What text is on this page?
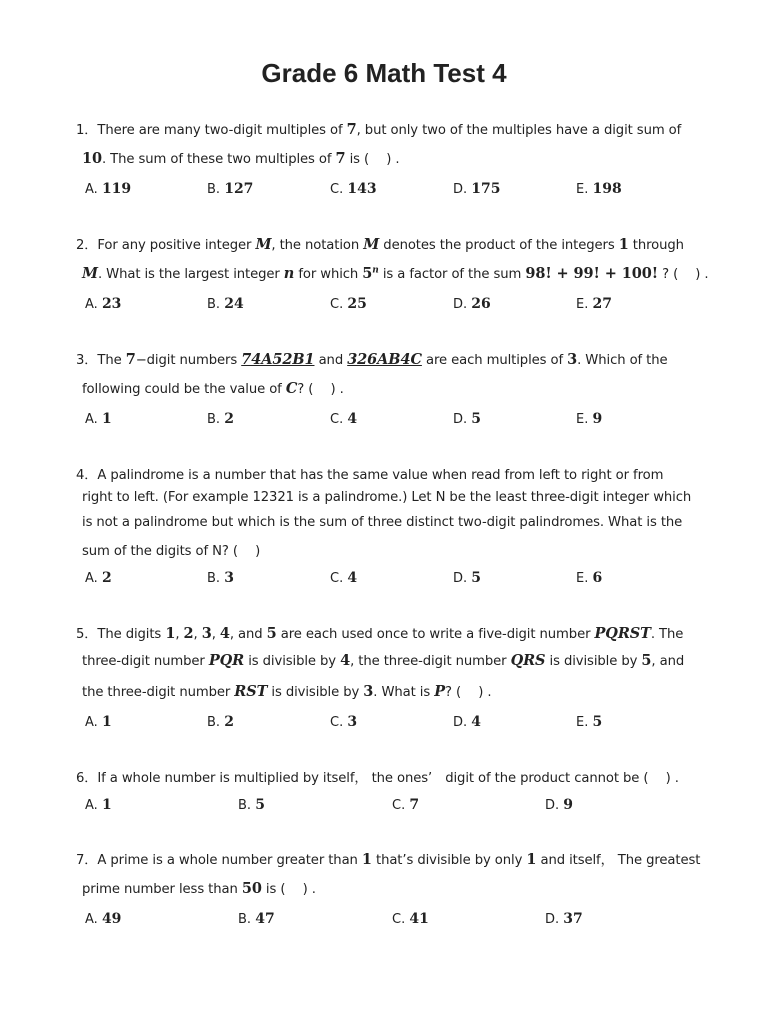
Grade 6 Math Test 4
1．There are many two-digit multiples of 7, but only two of the multiples have a digit sum of
10. The sum of these two multiples of 7 is (　 ) .
A. 119	B. 127	C. 143	D. 175	E. 198
2．For any positive integer M, the notation M denotes the product of the integers 1 through
M. What is the largest integer n for which 5$^n$ is a factor of the sum 98! + 99! + 100! ? (　 ) .
A. 23	B. 24	C. 25	D. 26	E. 27
3．The 7−digit numbers 74A52B1 and 326AB4C are each multiples of 3. Which of the
following could be the value of C? (　 ) .
A. 1	B. 2	C. 4	D. 5	E. 9
4．A palindrome is a number that has the same value when read from left to right or from
right to left. (For example 12321 is a palindrome.) Let N be the least three-digit integer which
is not a palindrome but which is the sum of three distinct two-digit palindromes. What is the
sum of the digits of N? (　 )
A. 2	B. 3	C. 4	D. 5	E. 6
5．The digits 1, 2, 3, 4, and 5 are each used once to write a five-digit number PQRST. The
three-digit number PQR is divisible by 4, the three-digit number QRS is divisible by 5, and
the three-digit number RST is divisible by 3. What is P? (　 ) .
A. 1	B. 2	C. 3	D. 4	E. 5
6．If a whole number is multiplied by itself， the ones’　digit of the product cannot be (　 ) .
A. 1	B. 5	C. 7	D. 9
7．A prime is a whole number greater than 1 that’s divisible by only 1 and itself， The greatest
prime number less than 50 is (　 ) .
A. 49	B. 47	C. 41	D. 37
